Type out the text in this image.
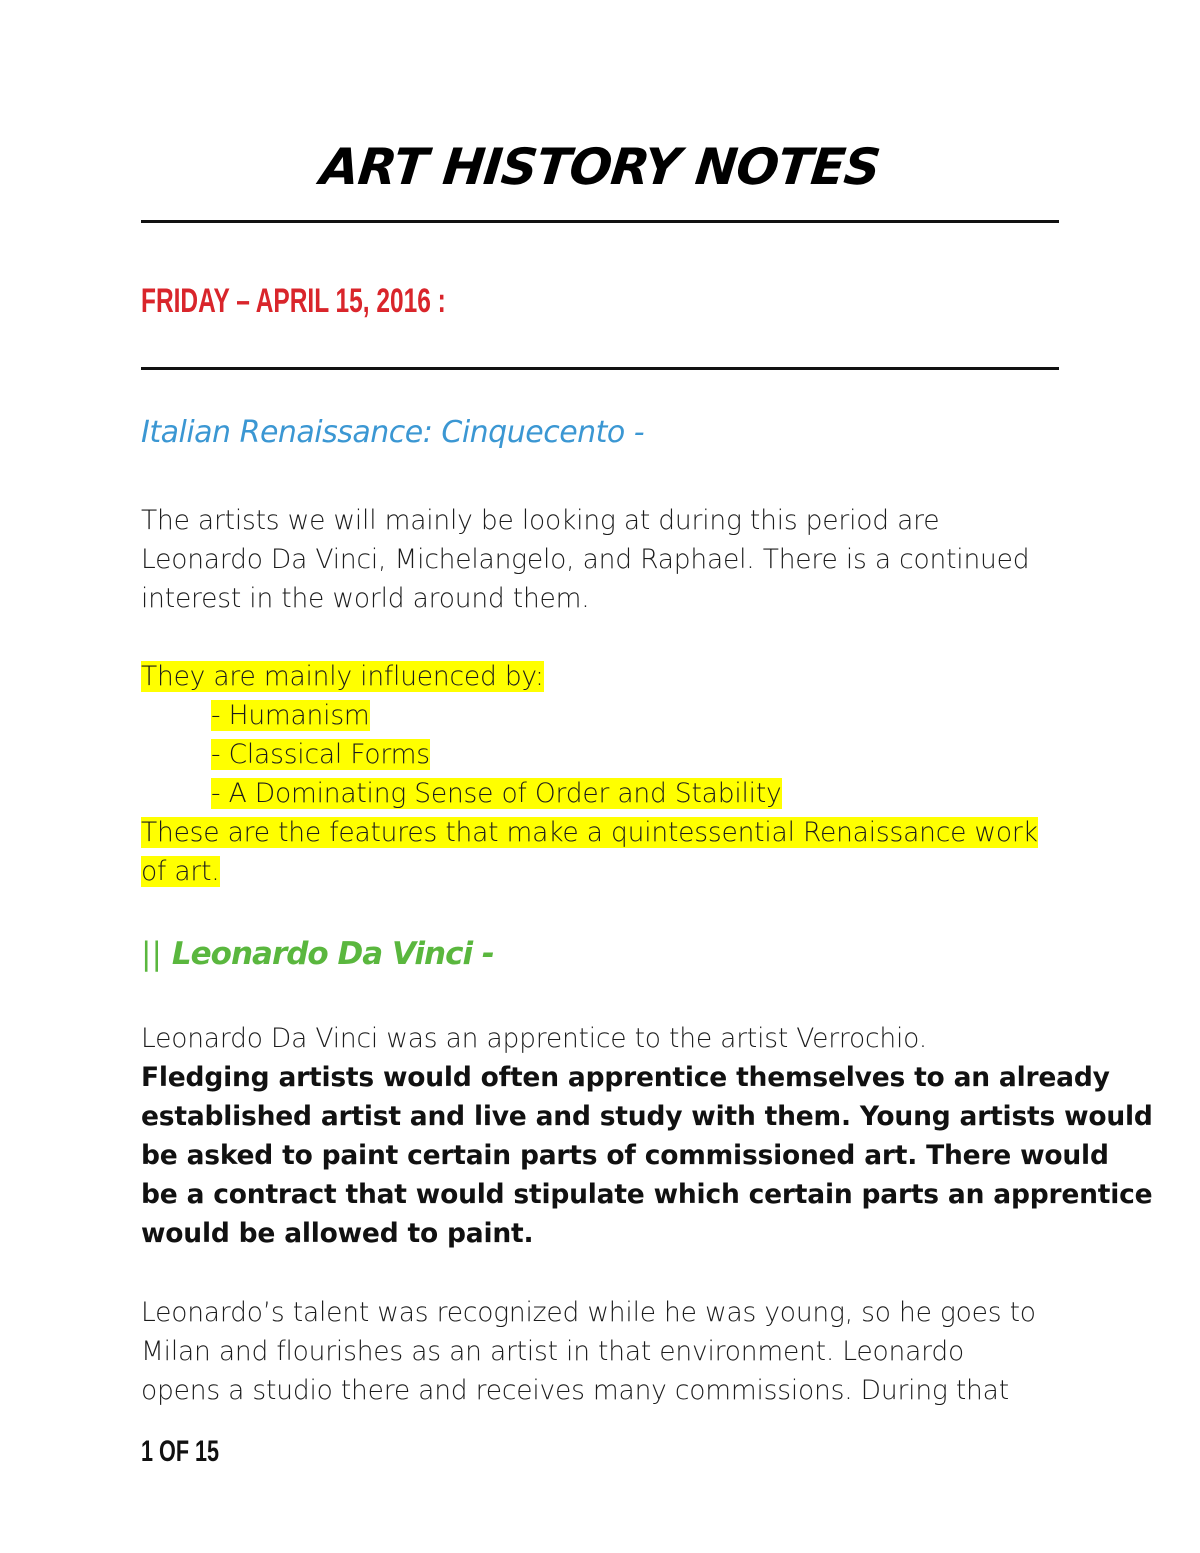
ART HISTORY NOTES
FRIDAY – APRIL 15, 2016 :
Italian Renaissance: Cinquecento -
The artists we will mainly be looking at during this period are
Leonardo Da Vinci, Michelangelo, and Raphael. There is a continued
interest in the world around them.
They are mainly influenced by:
- Humanism
- Classical Forms
- A Dominating Sense of Order and Stability
These are the features that make a quintessential Renaissance work
of art.
|| Leonardo Da Vinci -
Leonardo Da Vinci was an apprentice to the artist Verrochio.
Fledging artists would often apprentice themselves to an already
established artist and live and study with them. Young artists would
be asked to paint certain parts of commissioned art. There would
be a contract that would stipulate which certain parts an apprentice
would be allowed to paint.
Leonardo’s talent was recognized while he was young, so he goes to
Milan and flourishes as an artist in that environment. Leonardo
opens a studio there and receives many commissions. During that
1 OF 15
